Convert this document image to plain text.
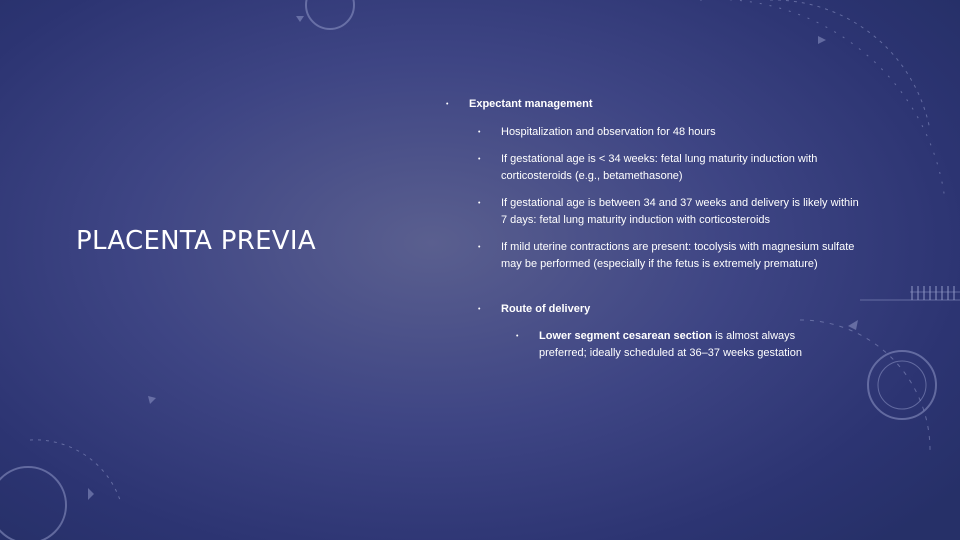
PLACENTA PREVIA
• Expectant management
• Hospitalization and observation for 48 hours
• If gestational age is < 34 weeks: fetal lung maturity induction with corticosteroids (e.g., betamethasone)
• If gestational age is between 34 and 37 weeks and delivery is likely within 7 days: fetal lung maturity induction with corticosteroids
• If mild uterine contractions are present: tocolysis with magnesium sulfate may be performed (especially if the fetus is extremely premature)
• Route of delivery
• Lower segment cesarean section is almost always preferred; ideally scheduled at 36–37 weeks gestation
